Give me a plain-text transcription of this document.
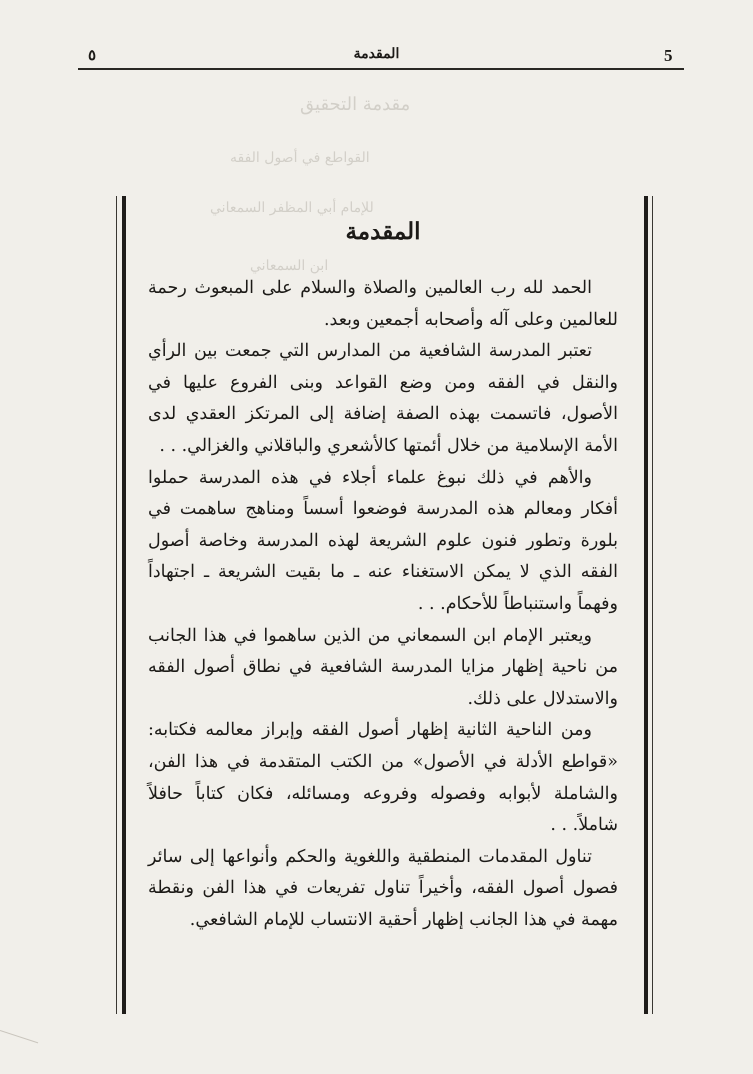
5
المقدمة
٥
مقدمة التحقيق
القواطع في أصول الفقه
للإمام أبي المظفر السمعاني
ابن السمعاني
المقدمة

الحمد لله رب العالمين والصلاة والسلام على المبعوث رحمة للعالمين وعلى آله وأصحابه أجمعين وبعد.

تعتبر المدرسة الشافعية من المدارس التي جمعت بين الرأي والنقل في الفقه ومن وضع القواعد وبنى الفروع عليها في الأصول، فاتسمت بهذه الصفة إضافة إلى المرتكز العقدي لدى الأمة الإسلامية من خلال أئمتها كالأشعري والباقلاني والغزالي. . .

والأهم في ذلك نبوغ علماء أجلاء في هذه المدرسة حملوا أفكار ومعالم هذه المدرسة فوضعوا أسساً ومناهج ساهمت في بلورة وتطور فنون علوم الشريعة لهذه المدرسة وخاصة أصول الفقه الذي لا يمكن الاستغناء عنه ـ ما بقيت الشريعة ـ اجتهاداً وفهماً واستنباطاً للأحكام. . .

ويعتبر الإمام ابن السمعاني من الذين ساهموا في هذا الجانب من ناحية إظهار مزايا المدرسة الشافعية في نطاق أصول الفقه والاستدلال على ذلك.

ومن الناحية الثانية إظهار أصول الفقه وإبراز معالمه فكتابه: «قواطع الأدلة في الأصول» من الكتب المتقدمة في هذا الفن، والشاملة لأبوابه وفصوله وفروعه ومسائله، فكان كتاباً حافلاً شاملاً. . .

تناول المقدمات المنطقية واللغوية والحكم وأنواعها إلى سائر فصول أصول الفقه، وأخيراً تناول تفريعات في هذا الفن ونقطة مهمة في هذا الجانب إظهار أحقية الانتساب للإمام الشافعي.
